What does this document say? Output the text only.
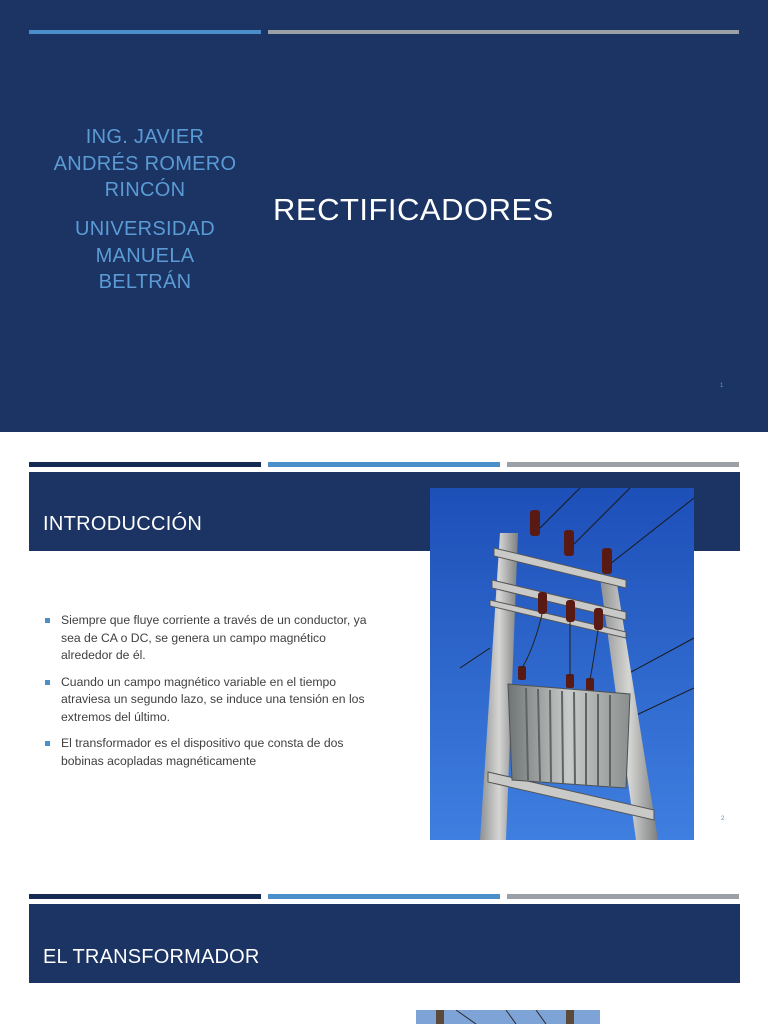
ING. JAVIER
ANDRÉS ROMERO
RINCÓN
UNIVERSIDAD
MANUELA
BELTRÁN
RECTIFICADORES
1
INTRODUCCIÓN
Siempre que fluye corriente a través de un conductor, ya sea de CA o DC, se genera un campo magnético alrededor de él.
Cuando un campo magnético variable en el tiempo atraviesa un segundo lazo, se induce una tensión en los extremos del último.
El transformador es el dispositivo que consta de dos bobinas acopladas magnéticamente
2
EL TRANSFORMADOR
